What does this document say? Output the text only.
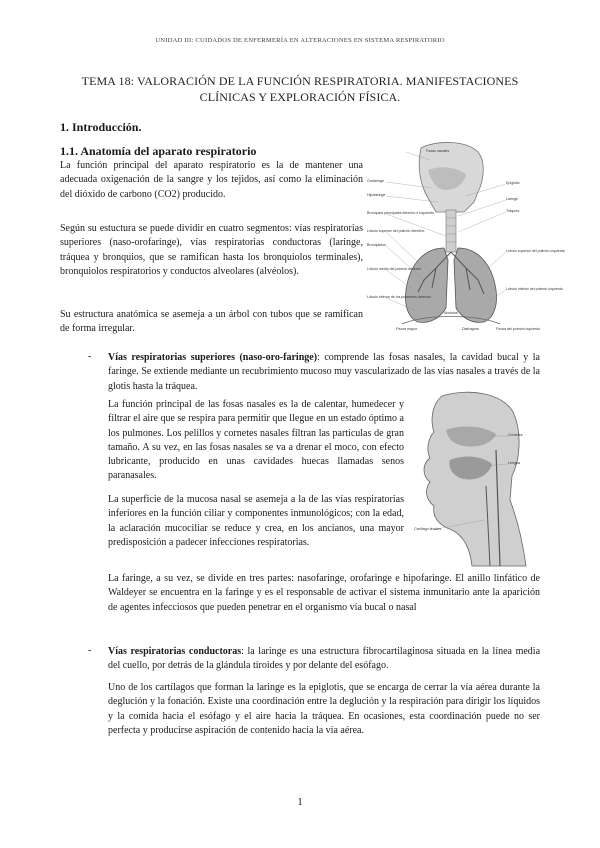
UNIDAD III: CUIDADOS DE ENFERMERÍA EN ALTERACIONES EN SISTEMA RESPIRATORIO
TEMA 18: VALORACIÓN DE LA FUNCIÓN RESPIRATORIA. MANIFESTACIONES
CLÍNICAS Y EXPLORACIÓN FÍSICA.
1. Introducción.
1.1. Anatomía del aparato respiratorio

La función principal del aparato respiratorio es la de mantener una adecuada oxigenación de la sangre y los tejidos, así como la eliminación del dióxido de carbono (CO2) producido.

Según su estuctura se puede dividir en cuatro segmentos: vías respiratorias superiores (naso-orofaringe), vías respiratorias conductoras (laringe, tráquea y bronquios, que se ramifican hasta los bronquiolos terminales), bronquiolos respiratorios y conductos alveolares (alvéolos).

Su estructura anatómica se asemeja a un árbol con tubos que se ramifican de forma irregular.

Fosas nasales
Orofaringe
Hipofaringe
Bronquios principales derecho e izquierdo
Lóbulo superior del pulmón derecho
Bronquiolos
Lóbulo medio del pulmón derecho
Lóbulo inferior de los pulmones derecho
Epiglotis
Laringe
Tráquea
Lóbulo superior del pulmón izquierdo
Lóbulo inferior del pulmón izquierdo
Fisura mayor
Alvéolos
Diafragma	Fisura del pulmón izquierdo
- Vías respiratorias superiores (naso-oro-faringe): comprende las fosas nasales, la cavidad bucal y la faringe. Se extiende mediante un recubrimiento mucoso muy vascularizado de las vías nasales a través de la glotis hasta la tráquea.

La función principal de las fosas nasales es la de calentar, humedecer y filtrar el aire que se respira para permitir que llegue en un estado óptimo a los pulmones. Los pelillos y cornetes nasales filtran las partículas de gran tamaño. A su vez, en las fosas nasales se va a drenar el moco, con efecto lubricante, producido en unas cavidades huecas llamadas senos paranasales.

La superficie de la mucosa nasal se asemeja a la de las vías respiratorias inferiores en la función ciliar y componentes inmunológicos; con la edad, la aclaración mucociliar se reduce y crea, en los ancianos, una mayor predisposición a padecer infecciones respiratorias.

La faringe, a su vez, se divide en tres partes: nasofaringe, orofaringe e hipofaringe. El anillo linfático de Waldeyer se encuentra en la faringe y es el responsable de activar el sistema inmunitario ante la aparición de agentes infecciosos que pueden penetrar en el organismo vía bucal o nasal

Cornetes
Lengua
Cartílago tiroides
- Vías respiratorias conductoras: la laringe es una estructura fibrocartilaginosa situada en la línea media del cuello, por detrás de la glándula tiroides y por delante del esófago.

Uno de los cartílagos que forman la laringe es la epiglotis, que se encarga de cerrar la vía aérea durante la deglución y la fonación. Existe una coordinación entre la deglución y la respiración para dirigir los líquidos y la comida hacia el esófago y el aire hacia la tráquea. En ocasiones, esta coordinación puede no ser perfecta y producirse aspiración de contenido hacia la vía aérea.

1
